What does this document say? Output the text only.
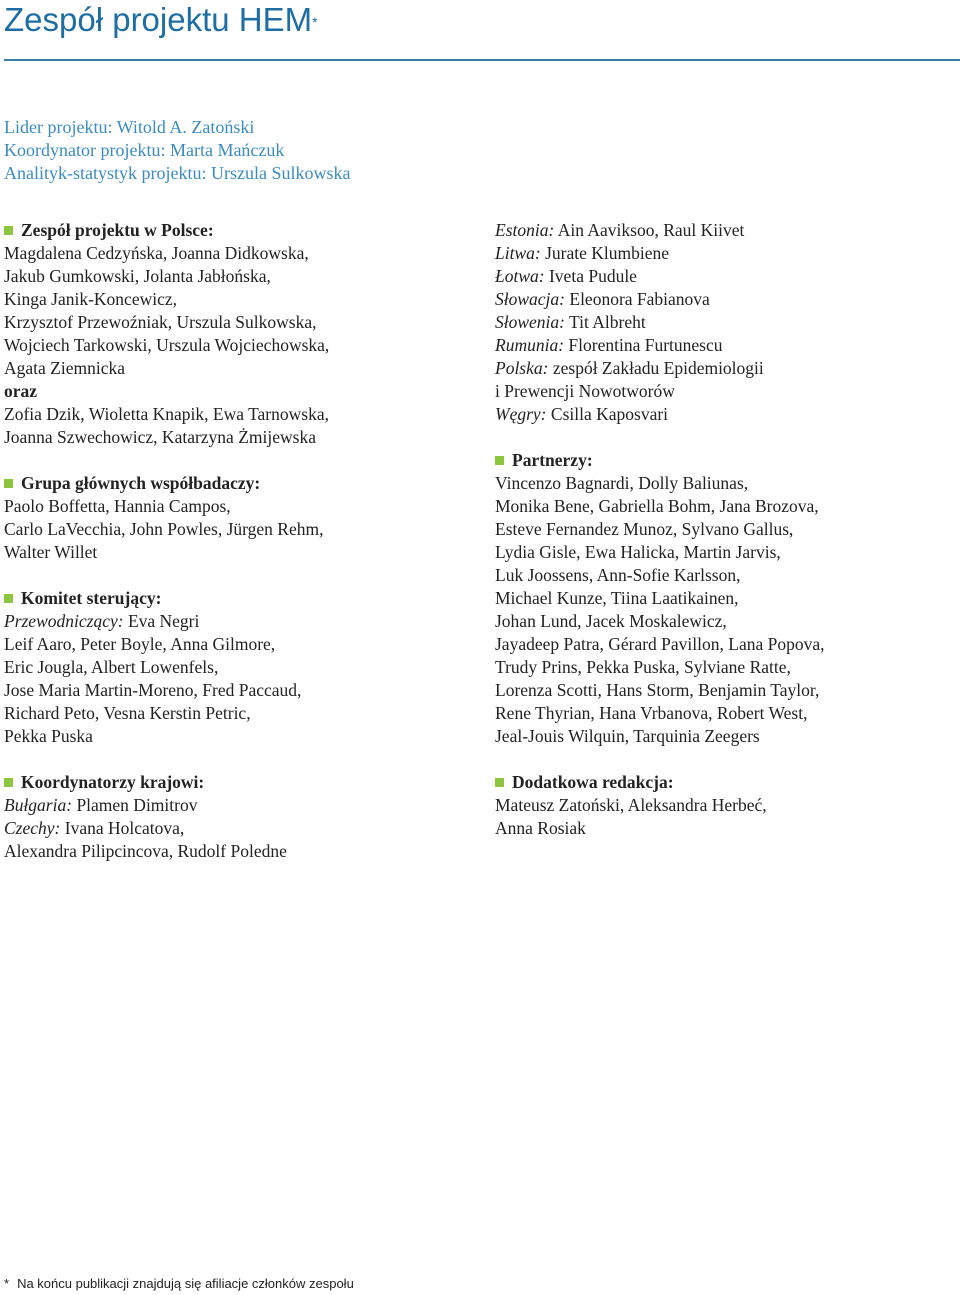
Zespół projektu HEM*
Lider projektu: Witold A. Zatoński
Koordynator projektu: Marta Mańczuk
Analityk-statystyk projektu: Urszula Sulkowska
Zespół projektu w Polsce:
Magdalena Cedzyńska, Joanna Didkowska,
Jakub Gumkowski, Jolanta Jabłońska,
Kinga Janik-Koncewicz,
Krzysztof Przewoźniak, Urszula Sulkowska,
Wojciech Tarkowski, Urszula Wojciechowska,
Agata Ziemnicka
oraz
Zofia Dzik, Wioletta Knapik, Ewa Tarnowska,
Joanna Szwechowicz, Katarzyna Żmijewska
Grupa głównych współbadaczy:
Paolo Boffetta, Hannia Campos,
Carlo LaVecchia, John Powles, Jürgen Rehm,
Walter Willet
Komitet sterujący:
Przewodniczący: Eva Negri
Leif Aaro, Peter Boyle, Anna Gilmore,
Eric Jougla, Albert Lowenfels,
Jose Maria Martin-Moreno, Fred Paccaud,
Richard Peto, Vesna Kerstin Petric,
Pekka Puska
Koordynatorzy krajowi:
Bułgaria: Plamen Dimitrov
Czechy: Ivana Holcatova,
Alexandra Pilipcincova, Rudolf Poledne
Estonia: Ain Aaviksoo, Raul Kiivet
Litwa: Jurate Klumbiene
Łotwa: Iveta Pudule
Słowacja: Eleonora Fabianova
Słowenia: Tit Albreht
Rumunia: Florentina Furtunescu
Polska: zespół Zakładu Epidemiologii
i Prewencji Nowotworów
Węgry: Csilla Kaposvari
Partnerzy:
Vincenzo Bagnardi, Dolly Baliunas,
Monika Bene, Gabriella Bohm, Jana Brozova,
Esteve Fernandez Munoz, Sylvano Gallus,
Lydia Gisle, Ewa Halicka, Martin Jarvis,
Luk Joossens, Ann-Sofie Karlsson,
Michael Kunze, Tiina Laatikainen,
Johan Lund, Jacek Moskalewicz,
Jayadeep Patra, Gérard Pavillon, Lana Popova,
Trudy Prins, Pekka Puska, Sylviane Ratte,
Lorenza Scotti, Hans Storm, Benjamin Taylor,
Rene Thyrian, Hana Vrbanova, Robert West,
Jeal-Jouis Wilquin, Tarquinia Zeegers
Dodatkowa redakcja:
Mateusz Zatoński, Aleksandra Herbeć,
Anna Rosiak
* Na końcu publikacji znajdują się afiliacje członków zespołu
